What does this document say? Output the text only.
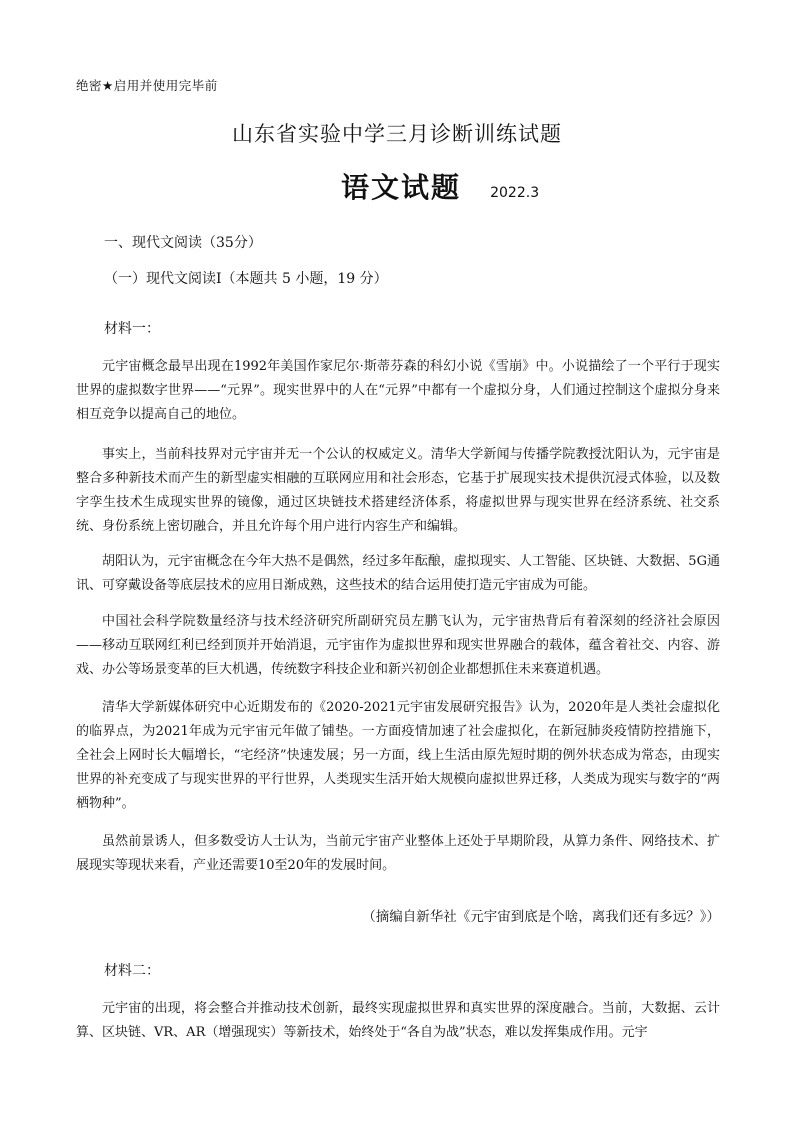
绝密★启用并使用完毕前
山东省实验中学三月诊断训练试题
语文试题 2022.3
一、现代文阅读（35分）
（一）现代文阅读Ⅰ（本题共 5 小题，19 分）
材料一：

元宇宙概念最早出现在1992年美国作家尼尔·斯蒂芬森的科幻小说《雪崩》中。小说描绘了一个平行于现实世界的虚拟数字世界——“元界”。现实世界中的人在“元界”中都有一个虚拟分身，人们通过控制这个虚拟分身来相互竞争以提高自己的地位。

事实上，当前科技界对元宇宙并无一个公认的权威定义。清华大学新闻与传播学院教授沈阳认为，元宇宙是整合多种新技术而产生的新型虚实相融的互联网应用和社会形态，它基于扩展现实技术提供沉浸式体验，以及数字孪生技术生成现实世界的镜像，通过区块链技术搭建经济体系，将虚拟世界与现实世界在经济系统、社交系统、身份系统上密切融合，并且允许每个用户进行内容生产和编辑。

胡阳认为，元宇宙概念在今年大热不是偶然，经过多年酝酿，虚拟现实、人工智能、区块链、大数据、5G通讯、可穿戴设备等底层技术的应用日渐成熟，这些技术的结合运用使打造元宇宙成为可能。

中国社会科学院数量经济与技术经济研究所副研究员左鹏飞认为，元宇宙热背后有着深刻的经济社会原因——移动互联网红利已经到顶并开始消退，元宇宙作为虚拟世界和现实世界融合的载体，蕴含着社交、内容、游戏、办公等场景变革的巨大机遇，传统数字科技企业和新兴初创企业都想抓住未来赛道机遇。

清华大学新媒体研究中心近期发布的《2020-2021元宇宙发展研究报告》认为，2020年是人类社会虚拟化的临界点，为2021年成为元宇宙元年做了铺垫。一方面疫情加速了社会虚拟化，在新冠肺炎疫情防控措施下，全社会上网时长大幅增长，“宅经济”快速发展；另一方面，线上生活由原先短时期的例外状态成为常态，由现实世界的补充变成了与现实世界的平行世界，人类现实生活开始大规模向虚拟世界迁移，人类成为现实与数字的“两栖物种”。

虽然前景诱人，但多数受访人士认为，当前元宇宙产业整体上还处于早期阶段，从算力条件、网络技术、扩展现实等现状来看，产业还需要10至20年的发展时间。

（摘编自新华社《元宇宙到底是个啥，离我们还有多远？》）
材料二：

元宇宙的出现，将会整合并推动技术创新，最终实现虚拟世界和真实世界的深度融合。当前，大数据、云计算、区块链、VR、AR（增强现实）等新技术，始终处于“各自为战”状态，难以发挥集成作用。元宇
